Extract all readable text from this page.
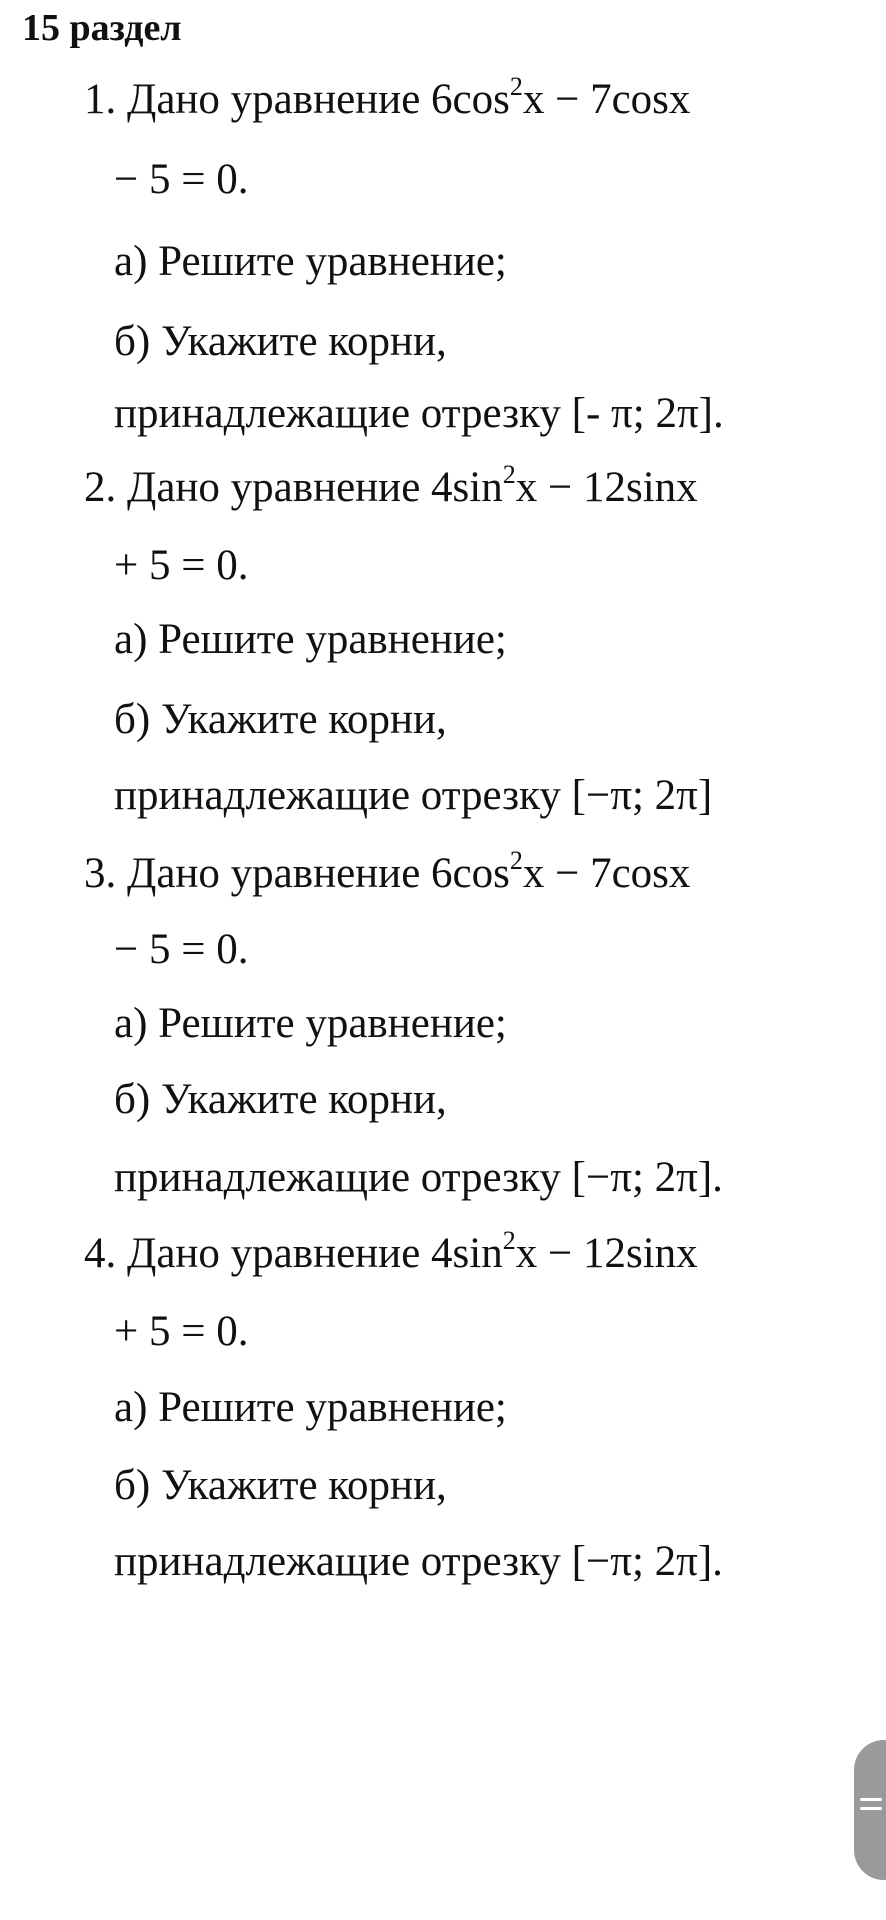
15 раздел
1. Дано уравнение $6\cos^2x - 7\cos x$
− 5 = 0.
а) Решите уравнение;
б) Укажите корни,
принадлежащие отрезку [- π; 2π].
2. Дано уравнение $4\sin^2x - 12\sin x$
+ 5 = 0.
а) Решите уравнение;
б) Укажите корни,
принадлежащие отрезку [−π; 2π]
3. Дано уравнение $6\cos^2x - 7\cos x$
− 5 = 0.
а) Решите уравнение;
б) Укажите корни,
принадлежащие отрезку [−π; 2π].
4. Дано уравнение $4\sin^2x - 12\sin x$
+ 5 = 0.
а) Решите уравнение;
б) Укажите корни,
принадлежащие отрезку [−π; 2π].
